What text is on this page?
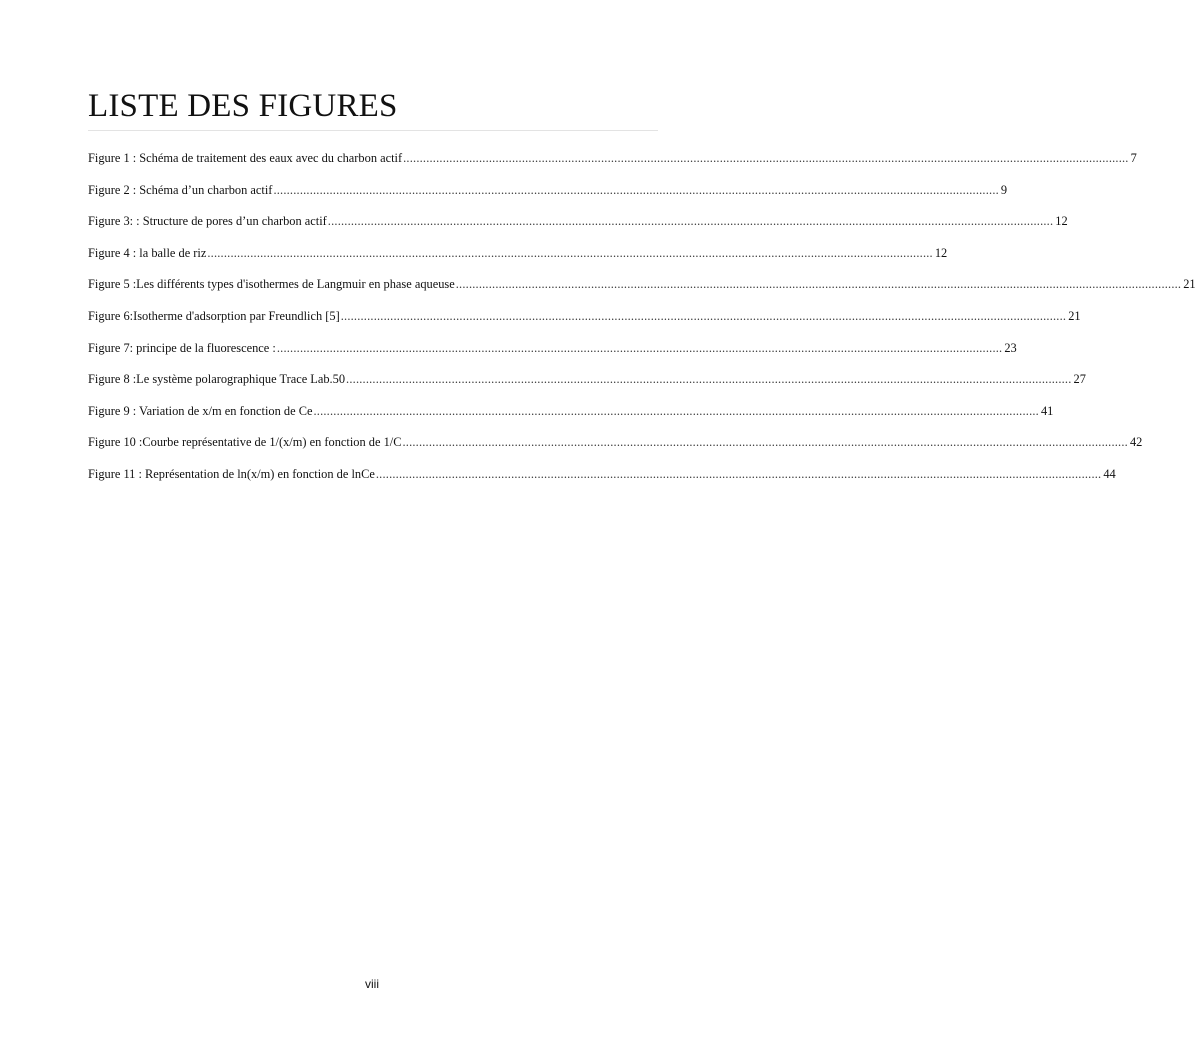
LISTE DES FIGURES
Figure 1 : Schéma de traitement des eaux avec du charbon actif ............................................................................................................................................................................................................................ 7
Figure 2 : Schéma d’un charbon actif ............................................................................................................................................................................................................................ 9
Figure 3: : Structure de pores d’un charbon actif ............................................................................................................................................................................................................................ 12
Figure 4 : la balle de riz ............................................................................................................................................................................................................................ 12
Figure 5 :Les différents types d'isothermes de Langmuir en phase aqueuse ............................................................................................................................................................................................................................ 21
Figure 6:Isotherme d'adsorption par Freundlich [5] ............................................................................................................................................................................................................................ 21
Figure 7: principe de la fluorescence : ............................................................................................................................................................................................................................ 23
Figure 8 :Le système polarographique Trace Lab.50 ............................................................................................................................................................................................................................ 27
Figure 9 : Variation de x/m en fonction de Ce ............................................................................................................................................................................................................................ 41
Figure 10 :Courbe représentative de 1/(x/m) en fonction de 1/C ............................................................................................................................................................................................................................ 42
Figure 11 : Représentation de ln(x/m) en fonction de lnCe ............................................................................................................................................................................................................................ 44
viii
